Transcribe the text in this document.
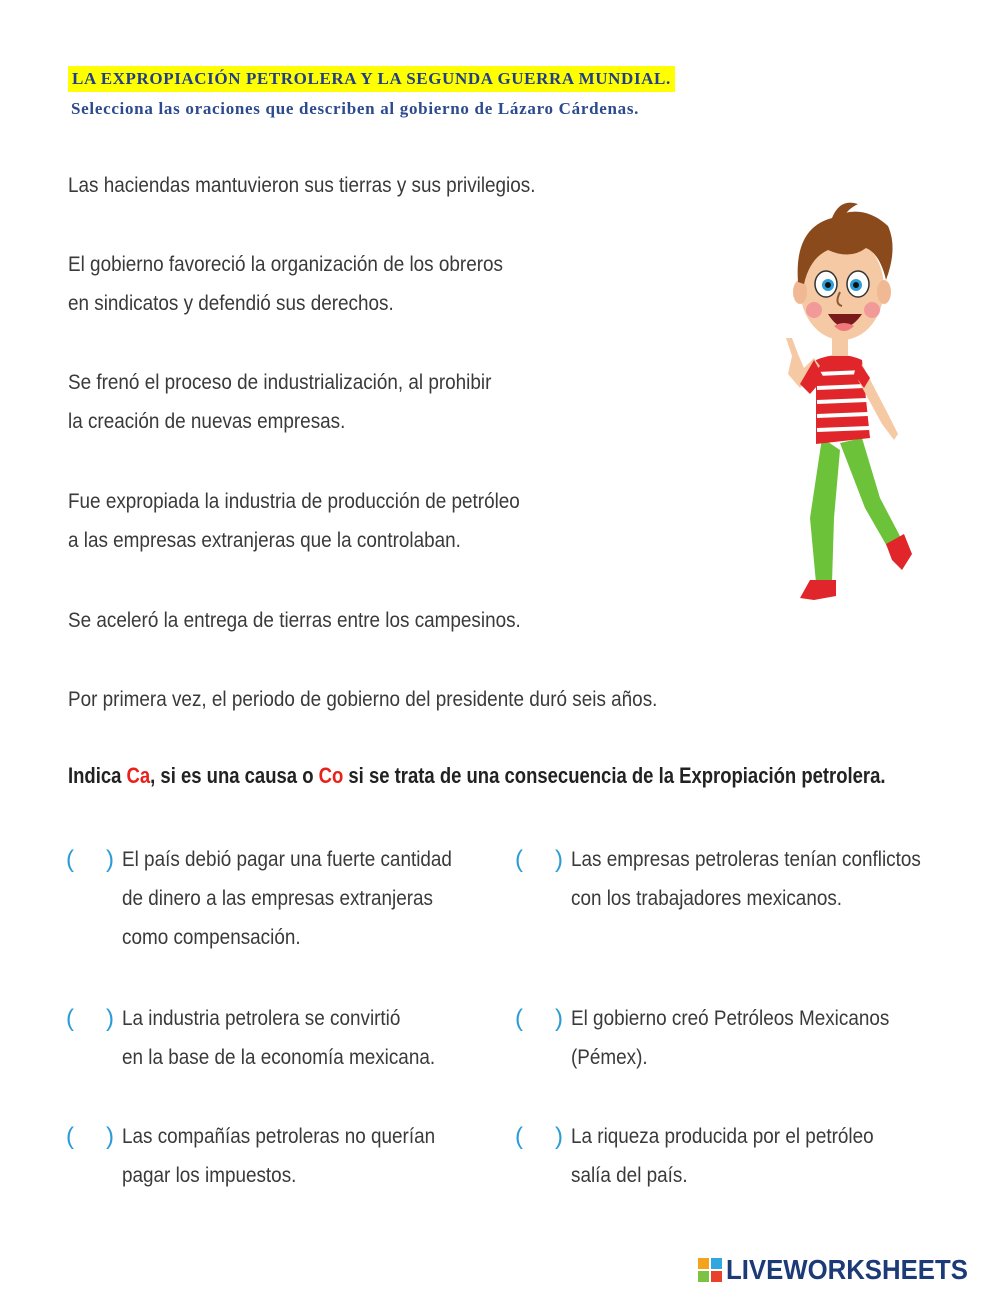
LA EXPROPIACIÓN PETROLERA Y LA SEGUNDA GUERRA MUNDIAL.
Selecciona las oraciones que describen al gobierno de Lázaro Cárdenas.
Las haciendas mantuvieron sus tierras y sus privilegios.
El gobierno favoreció la organización de los obreros
en sindicatos y defendió sus derechos.
Se frenó el proceso de industrialización, al prohibir
la creación de nuevas empresas.
Fue expropiada la industria de producción de petróleo
a las empresas extranjeras que la controlaban.
Se aceleró la entrega de tierras entre los campesinos.
Por primera vez, el periodo de gobierno del presidente duró seis años.
Indica Ca, si es una causa o Co si se trata de una consecuencia de la Expropiación petrolera.
( ) El país debió pagar una fuerte cantidad
de dinero a las empresas extranjeras
como compensación.
( ) Las empresas petroleras tenían conflictos
con los trabajadores mexicanos.
( ) La industria petrolera se convirtió
en la base de la economía mexicana.
( ) El gobierno creó Petróleos Mexicanos
(Pémex).
( ) Las compañías petroleras no querían
pagar los impuestos.
( ) La riqueza producida por el petróleo
salía del país.
LIVEWORKSHEETS
